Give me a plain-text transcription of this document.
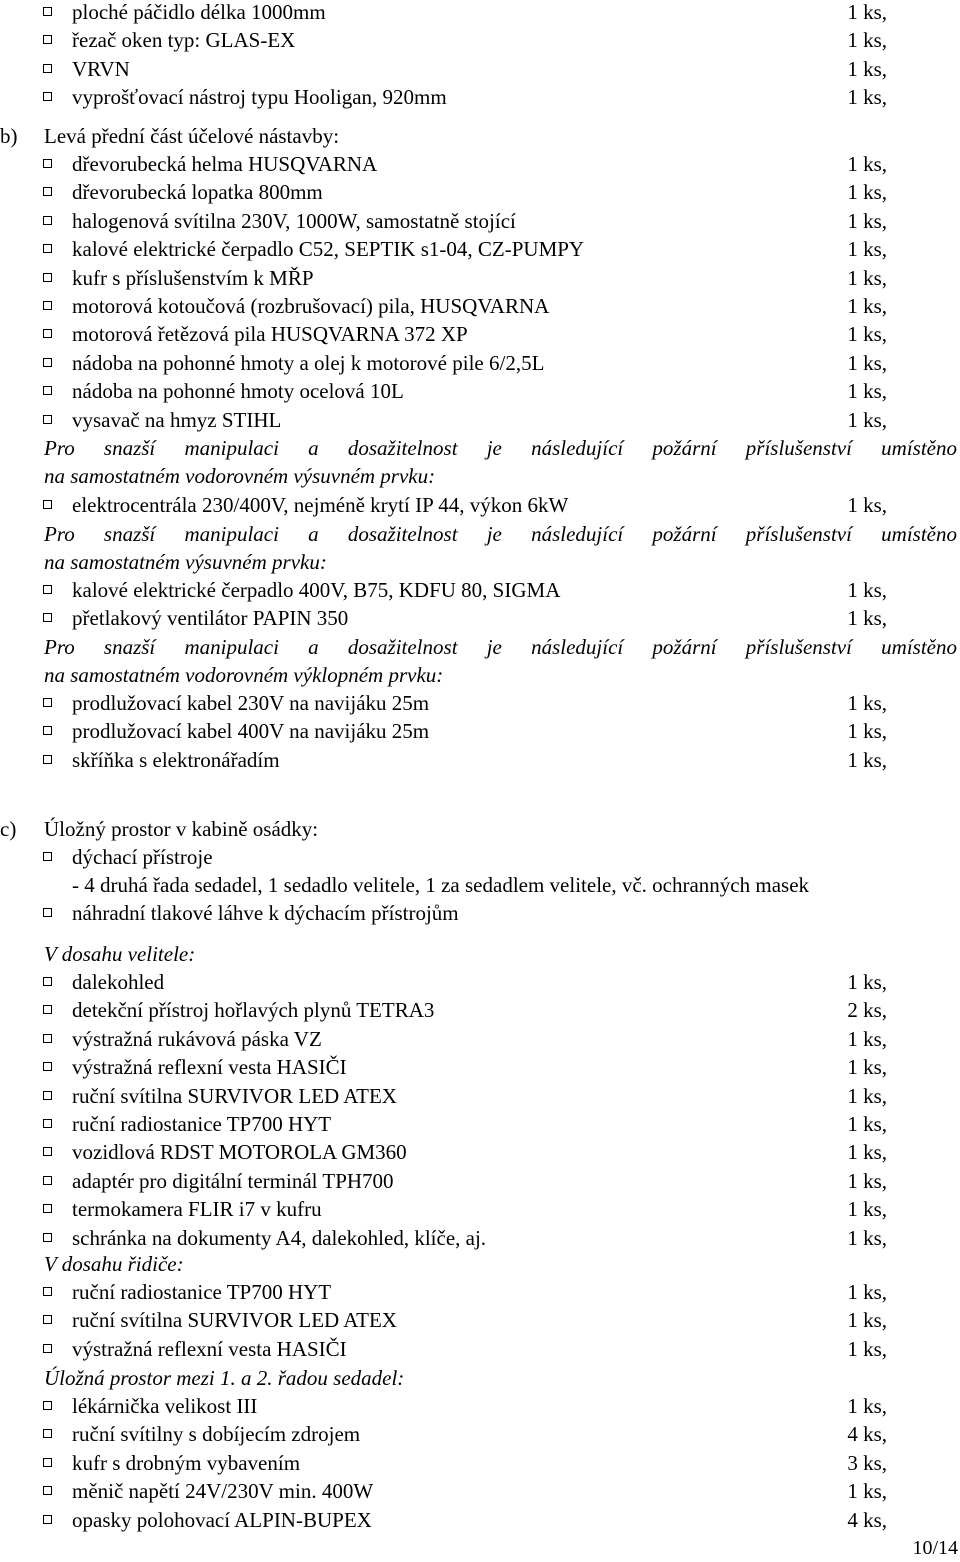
10/14
ploché páčidlo délka 1000mm	1 ks,
řezač oken typ: GLAS-EX	1 ks,
VRVN	1 ks,
vyprošťovací nástroj typu Hooligan, 920mm	1 ks,
b) Levá přední část účelové nástavby:
dřevorubecká helma HUSQVARNA	1 ks,
dřevorubecká lopatka 800mm	1 ks,
halogenová svítilna 230V, 1000W, samostatně stojící	1 ks,
kalové elektrické čerpadlo C52, SEPTIK s1-04, CZ-PUMPY	1 ks,
kufr s příslušenstvím k MŘP	1 ks,
motorová kotoučová (rozbrušovací) pila, HUSQVARNA	1 ks,
motorová řetězová pila HUSQVARNA 372 XP	1 ks,
nádoba na pohonné hmoty a olej k motorové pile 6/2,5L	1 ks,
nádoba na pohonné hmoty ocelová 10L	1 ks,
vysavač na hmyz STIHL	1 ks,
Pro snazší manipulaci a dosažitelnost je následující požární příslušenství umístěno
na samostatném vodorovném výsuvném prvku:
elektrocentrála 230/400V, nejméně krytí IP 44, výkon 6kW	1 ks,
Pro snazší manipulaci a dosažitelnost je následující požární příslušenství umístěno
na samostatném výsuvném prvku:
kalové elektrické čerpadlo 400V, B75, KDFU 80, SIGMA	1 ks,
přetlakový ventilátor PAPIN 350	1 ks,
Pro snazší manipulaci a dosažitelnost je následující požární příslušenství umístěno
na samostatném vodorovném výklopném prvku:
prodlužovací kabel 230V na navijáku 25m	1 ks,
prodlužovací kabel 400V na navijáku 25m	1 ks,
skříňka s elektronářadím	1 ks,
c) Úložný prostor v kabině osádky:
dýchací přístroje
- 4 druhá řada sedadel, 1 sedadlo velitele, 1 za sedadlem velitele, vč. ochranných masek
náhradní tlakové láhve k dýchacím přístrojům
V dosahu velitele:
dalekohled	1 ks,
detekční přístroj hořlavých plynů TETRA3	2 ks,
výstražná rukávová páska VZ	1 ks,
výstražná reflexní vesta HASIČI	1 ks,
ruční svítilna SURVIVOR LED ATEX	1 ks,
ruční radiostanice TP700 HYT	1 ks,
vozidlová RDST MOTOROLA GM360	1 ks,
adaptér pro digitální terminál TPH700	1 ks,
termokamera FLIR i7 v kufru	1 ks,
schránka na dokumenty A4, dalekohled, klíče, aj.	1 ks,
V dosahu řidiče:
ruční radiostanice TP700 HYT	1 ks,
ruční svítilna SURVIVOR LED ATEX	1 ks,
výstražná reflexní vesta HASIČI	1 ks,
Úložná prostor mezi 1. a 2. řadou sedadel:
lékárnička velikost III	1 ks,
ruční svítilny s dobíjecím zdrojem	4 ks,
kufr s drobným vybavením	3 ks,
měnič napětí 24V/230V min. 400W	1 ks,
opasky polohovací ALPIN-BUPEX	4 ks,
